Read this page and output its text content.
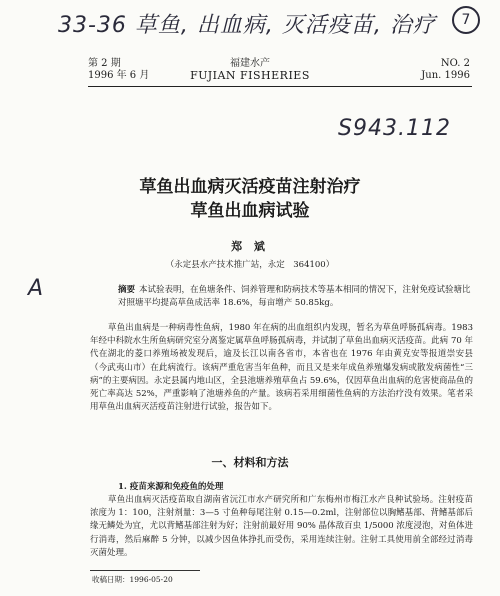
33-36 草鱼, 出血病, 灭活疫苗, 治疗	7
第 2 期
1996 年 6 月
福建水产
FUJIAN FISHERIES
NO. 2
Jun. 1996
S943.112
草鱼出血病灭活疫苗注射治疗
草鱼出血病试验
郑 斌
（永定县水产技术推广站，永定　364100）
A	摘要 本试验表明，在鱼塘条件、饲养管理和防病技术等基本相同的情况下，注射免疫试验塘比对照塘平均提高草鱼成活率 18.6%，每亩增产 50.85kg。
草鱼出血病是一种病毒性鱼病，1980 年在病的出血组织内发现，暂名为草鱼呼肠孤病毒。1983 年经中科院水生所鱼病研究室分离鉴定属草鱼呼肠孤病毒，并试制了草鱼出血病灭活疫苗。此病 70 年代在湖北的菱口养殖场被发现后，逾及长江以南各省市，本省也在 1976 年由黄克安等报道崇安县（今武夷山市）在此病流行。该病严重危害当年鱼种，而且又是来年成鱼养殖爆发病或散发病菌性“三病”的主要病因。永定县属内地山区，全县池塘养殖草鱼占 59.6%，仅因草鱼出血病的危害使商品鱼的死亡率高达 52%，严重影响了池塘养鱼的产量。该病若采用细菌性鱼病的方法治疗没有效果。笔者采用草鱼出血病灭活疫苗注射进行试验，报告如下。
一、材料和方法
1. 疫苗来源和免疫鱼的处理
草鱼出血病灭活疫苗取自湖南省沅江市水产研究所和广东梅州市梅江水产良种试验场。注射疫苗浓度为 1：100，注射剂量：3—5 寸鱼种每尾注射 0.15—0.2ml，注射部位以胸鳍基部、背鳍基部后缘无鳞处为宜，尤以背鳍基部注射为好；注射前最好用 90% 晶体敌百虫 1/5000 浓度浸泡，对鱼体进行消毒，然后麻醉 5 分钟，以减少因鱼体挣扎而受伤，采用连续注射。注射工具使用前全部经过消毒灭菌处理。
收稿日期：1996-05-20
